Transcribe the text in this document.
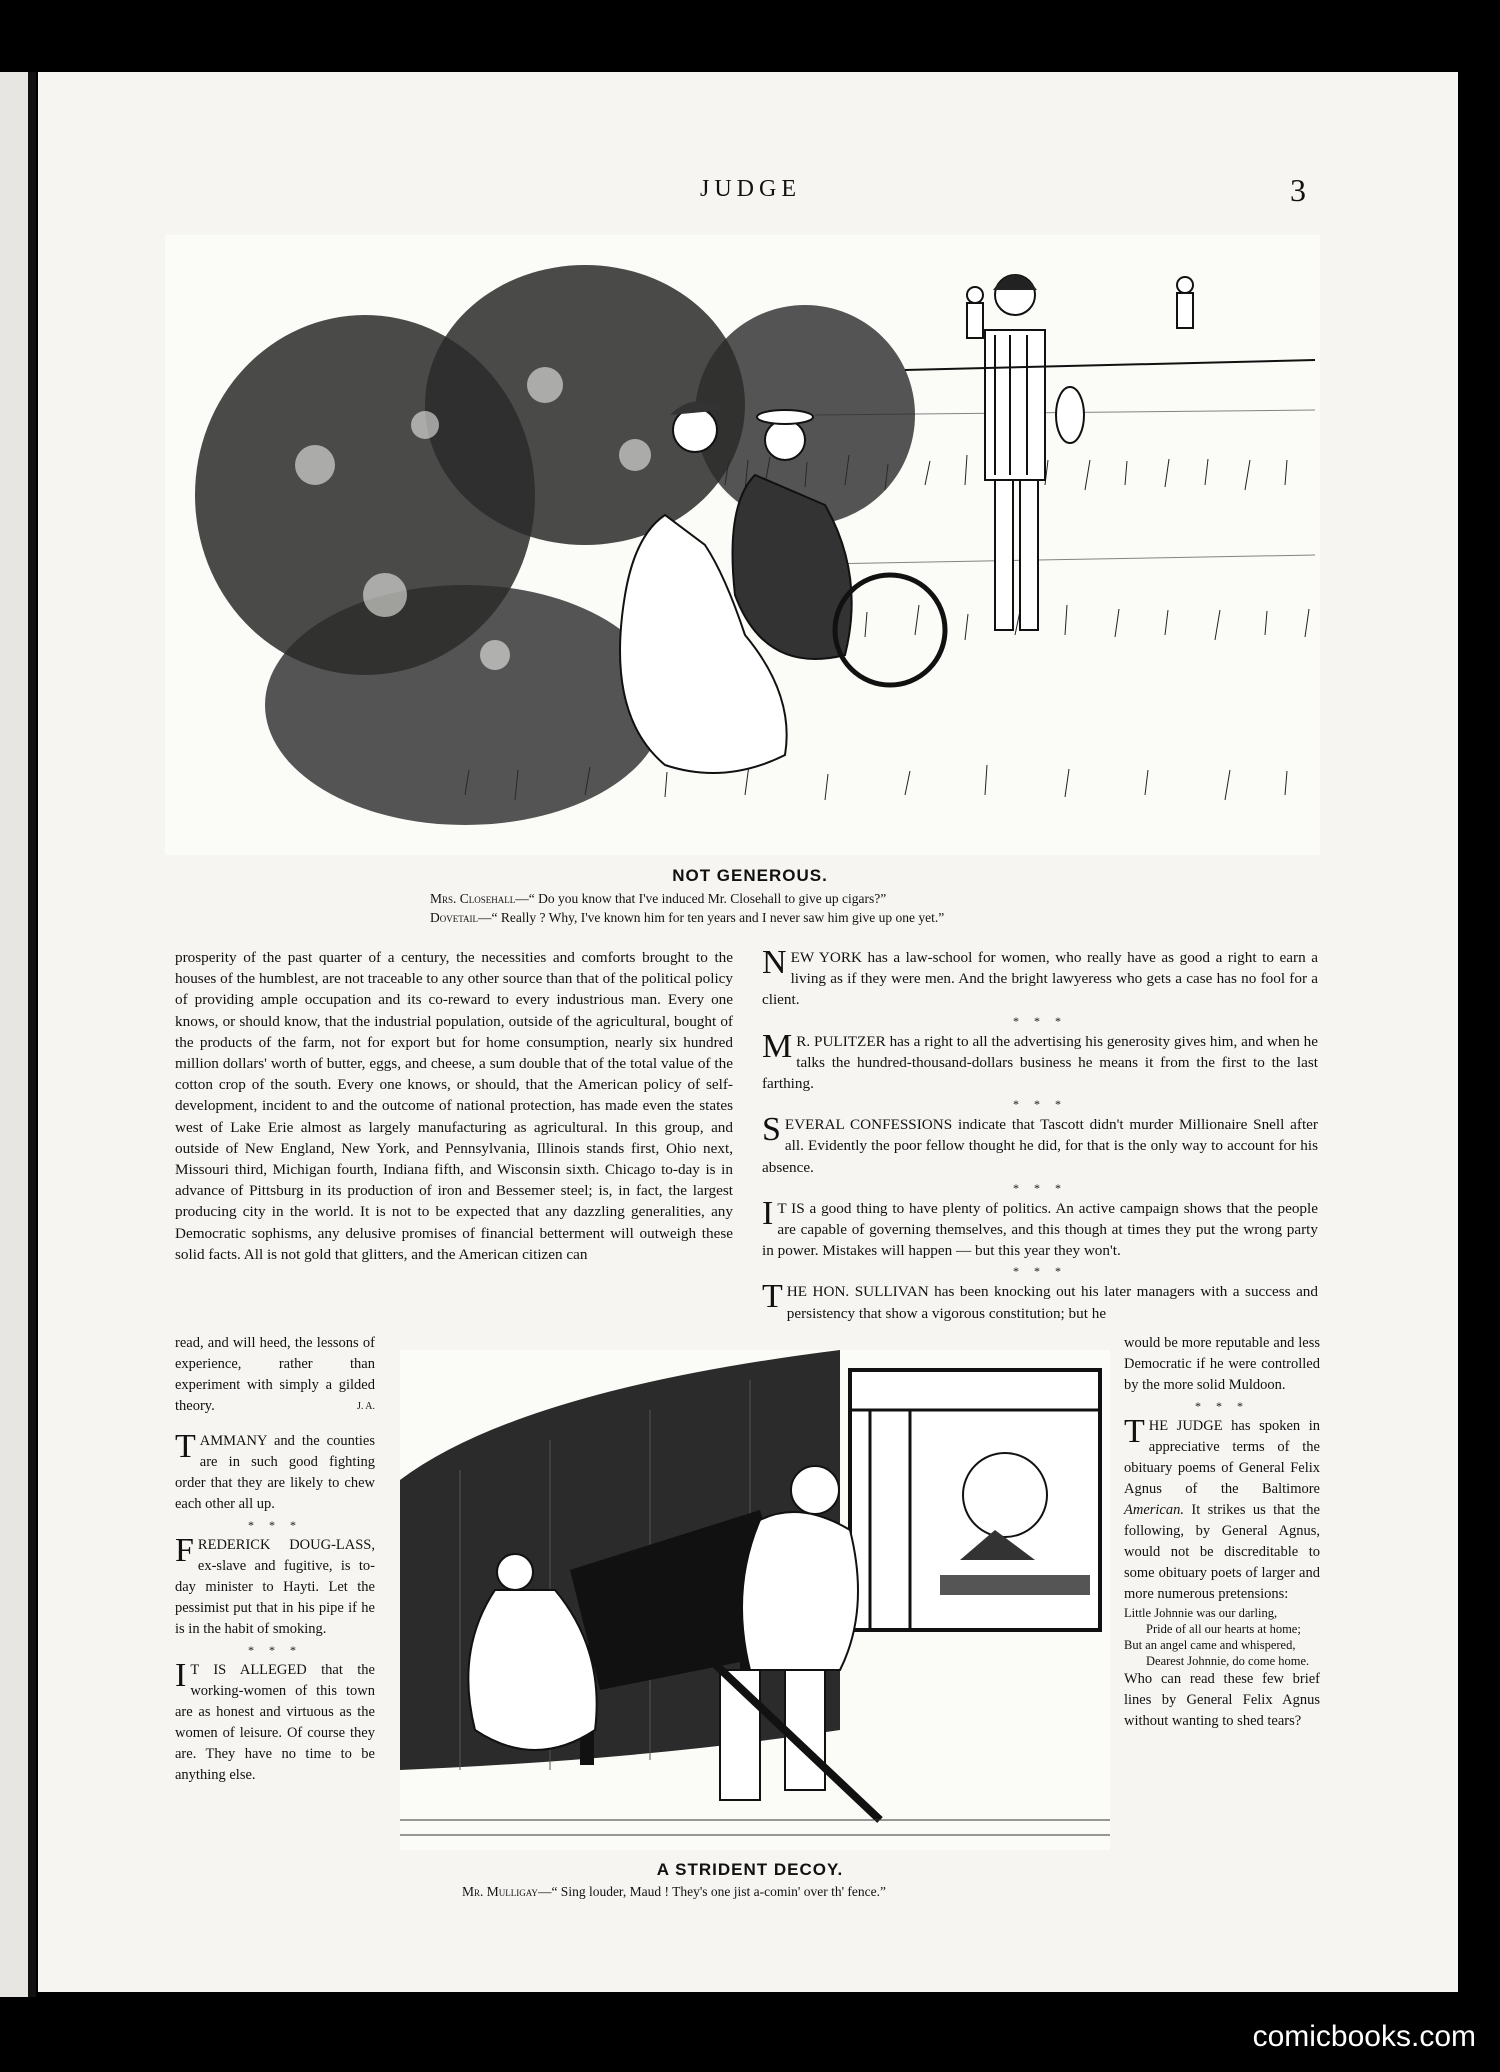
JUDGE	3
NOT GENEROUS.
Mrs. Closehall—“ Do you know that I've induced Mr. Closehall to give up cigars?”
Dovetail—“ Really ? Why, I've known him for ten years and I never saw him give up one yet.”

prosperity of the past quarter of a century, the necessities and comforts brought to the houses of the humblest, are not traceable to any other source than that of the political policy of providing ample occupation and its co-reward to every industrious man. Every one knows, or should know, that the industrial population, outside of the agricultural, bought of the products of the farm, not for export but for home consumption, nearly six hundred million dollars' worth of butter, eggs, and cheese, a sum double that of the total value of the cotton crop of the south. Every one knows, or should, that the American policy of self-development, incident to and the outcome of national protection, has made even the states west of Lake Erie almost as largely manufacturing as agricultural. In this group, and outside of New England, New York, and Pennsylvania, Illinois stands first, Ohio next, Missouri third, Michigan fourth, Indiana fifth, and Wisconsin sixth. Chicago to-day is in advance of Pittsburg in its production of iron and Bessemer steel; is, in fact, the largest producing city in the world. It is not to be expected that any dazzling generalities, any Democratic sophisms, any delusive promises of financial betterment will outweigh these solid facts. All is not gold that glitters, and the American citizen can

read, and will heed, the lessons of experience, rather than experiment with simply a gilded theory.	J. A.

TAMMANY and the counties are in such good fighting order that they are likely to chew each other all up.

* * *

FREDERICK DOUG-LASS, ex-slave and fugitive, is to-day minister to Hayti. Let the pessimist put that in his pipe if he is in the habit of smoking.

* * *

I T IS ALLEGED that the working-women of this town are as honest and virtuous as the women of leisure. Of course they are. They have no time to be anything else.

NEW YORK has a law-school for women, who really have as good a right to earn a living as if they were men. And the bright lawyeress who gets a case has no fool for a client.

* * *

M R. PULITZER has a right to all the advertising his generosity gives him, and when he talks the hundred-thousand-dollars business he means it from the first to the last farthing.

* * *

SEVERAL CONFESSIONS indicate that Tascott didn't murder Millionaire Snell after all. Evidently the poor fellow thought he did, for that is the only way to account for his absence.

* * *

I T IS a good thing to have plenty of politics. An active campaign shows that the people are capable of governing themselves, and this though at times they put the wrong party in power. Mistakes will happen — but this year they won't.

* * *

THE HON. SULLIVAN has been knocking out his later managers with a success and persistency that show a vigorous constitution; but he

would be more reputable and less Democratic if he were controlled by the more solid Muldoon.

* * *

THE JUDGE has spoken in appreciative terms of the obituary poems of General Felix Agnus of the Baltimore American. It strikes us that the following, by General Agnus, would not be discreditable to some obituary poets of larger and more numerous pretensions:

Little Johnnie was our darling,
Pride of all our hearts at home;
But an angel came and whispered,
Dearest Johnnie, do come home.

Who can read these few brief lines by General Felix Agnus without wanting to shed tears?

A STRIDENT DECOY.
Mr. Mulligay—“ Sing louder, Maud ! They's one jist a-comin' over th' fence.”
comicbooks.com
